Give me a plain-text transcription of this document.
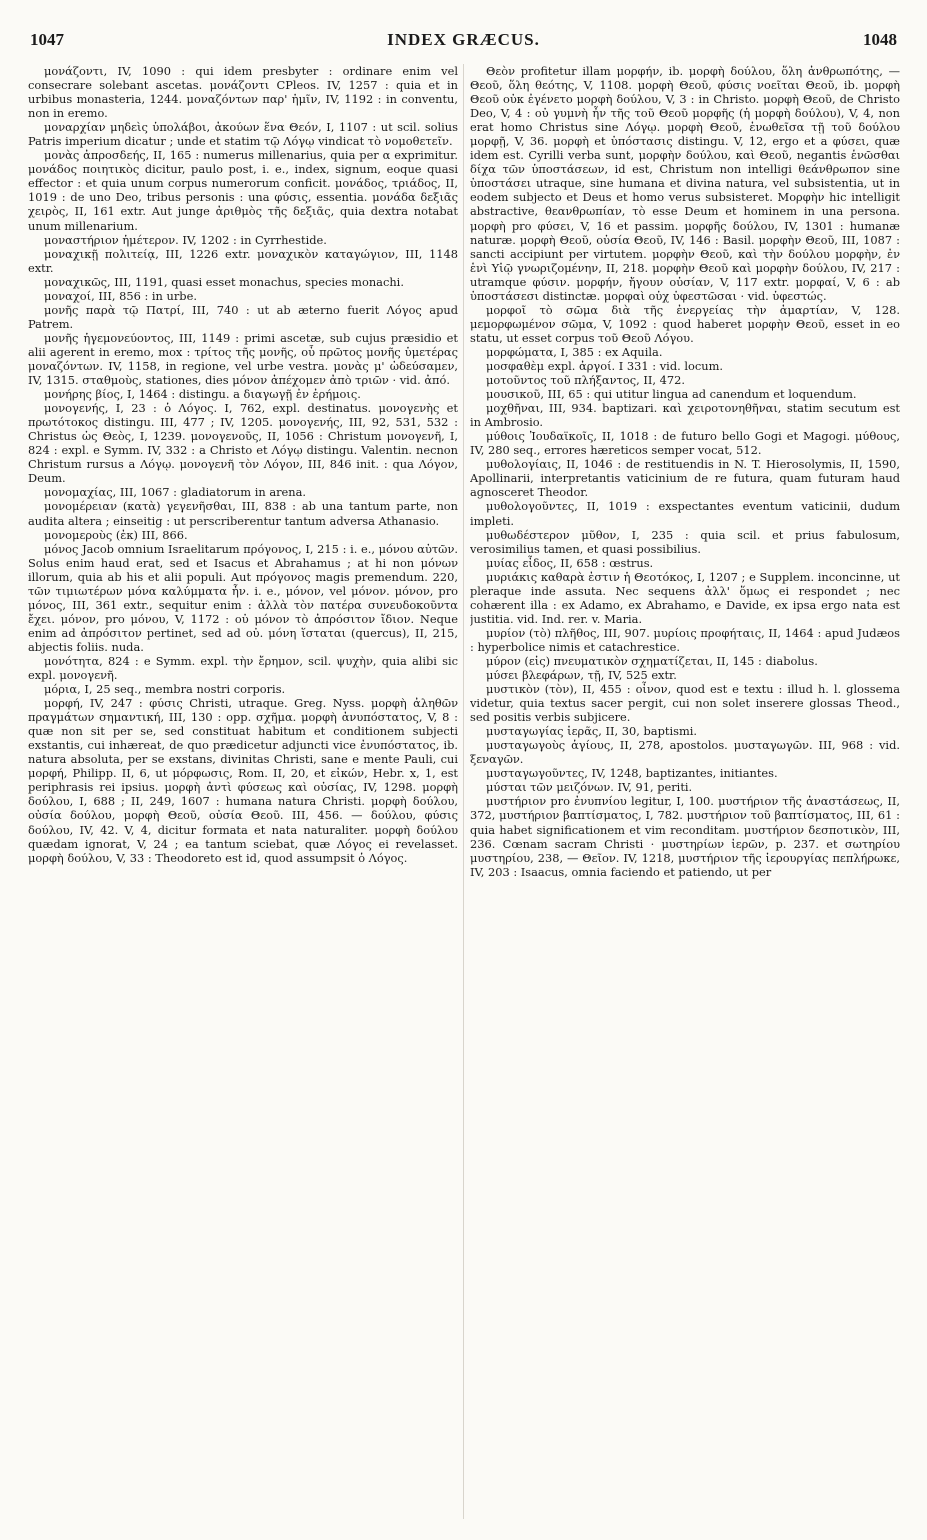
1047	INDEX GRÆCUS.	1048

μονάζοντι, IV, 1090 : qui idem presbyter : ordinare enim vel consecrare solebant ascetas. μονάζοντι CPleos. IV, 1257 : quia et in urbibus monasteria, 1244. μοναζόντων παρ' ἡμῖν, IV, 1192 : in conventu, non in eremo.

μοναρχίαν μηδεὶς ὑπολάβοι, ἀκούων ἕνα Θεόν, I, 1107 : ut scil. solius Patris imperium dicatur ; unde et statim τῷ Λόγῳ vindicat τὸ νομοθετεῖν.

μονὰς ἀπροσδεής, II, 165 : numerus millenarius, quia per α exprimitur. μονάδος ποιητικὸς dicitur, paulo post, i. e., index, signum, eoque quasi effector : et quia unum corpus numerorum conficit. μονάδος, τριάδος, II, 1019 : de uno Deo, tribus personis : una φύσις, essentia. μονάδα δεξιᾶς χειρὸς, II, 161 extr. Aut junge ἀριθμὸς τῆς δεξιᾶς, quia dextra notabat unum millenarium.

μοναστήριον ἡμέτερον. IV, 1202 : in Cyrrhestide.

μοναχικῇ πολιτείᾳ, III, 1226 extr. μοναχικὸν καταγώγιον, III, 1148 extr.

μοναχικῶς, III, 1191, quasi esset monachus, species monachi.

μοναχοί, III, 856 : in urbe.

μονῆς παρὰ τῷ Πατρί, III, 740 : ut ab æterno fuerit Λόγος apud Patrem.

μονῆς ἡγεμονεύοντος, III, 1149 : primi ascetæ, sub cujus præsidio et alii agerent in eremo, mox : τρίτος τῆς μονῆς, οὗ πρῶτος μονῆς ὑμετέρας μοναζόντων. IV, 1158, in regione, vel urbe vestra. μονὰς μ' ὡδεύσαμεν, IV, 1315. σταθμοὺς, stationes, dies μόνον ἀπέχομεν ἀπὸ τριῶν · vid. ἀπό.

μονήρης βίος, I, 1464 : distingu. a διαγωγῇ ἐν ἐρήμοις.

μονογενής, I, 23 : ὁ Λόγος. I, 762, expl. destinatus. μονογενὴς et πρωτότοκος distingu. III, 477 ; IV, 1205. μονογενής, III, 92, 531, 532 : Christus ὡς Θεὸς, I, 1239. μονογενοῦς, II, 1056 : Christum μονογενῆ, I, 824 : expl. e Symm. IV, 332 : a Christo et Λόγῳ distingu. Valentin. necnon Christum rursus a Λόγῳ. μονογενῆ τὸν Λόγον, III, 846 init. : qua Λόγον, Deum.

μονομαχίας, III, 1067 : gladiatorum in arena.

μονομέρειαν (κατὰ) γεγενῆσθαι, III, 838 : ab una tantum parte, non audita altera ; einseitig : ut perscriberentur tantum adversa Athanasio.

μονομεροὺς (ἐκ) III, 866.

μόνος Jacob omnium Israelitarum πρόγονος, I, 215 : i. e., μόνου αὐτῶν. Solus enim haud erat, sed et Isacus et Abrahamus ; at hi non μόνων illorum, quia ab his et alii populi. Aut πρόγονος magis premendum. 220, τῶν τιμιωτέρων μόνα καλύμματα ἦν. i. e., μόνον, vel μόνον. μόνον, pro μόνος, III, 361 extr., sequitur enim : ἀλλὰ τὸν πατέρα συνευδοκοῦντα ἔχει. μόνον, pro μόνου, V, 1172 : οὐ μόνον τὸ ἀπρόσιτον ἴδιον. Neque enim ad ἀπρόσιτον pertinet, sed ad οὐ. μόνη ἵσταται (quercus), II, 215, abjectis foliis. nuda.

μονότητα, 824 : e Symm. expl. τὴν ἔρημον, scil. ψυχὴν, quia alibi sic expl. μονογενῆ.

μόρια, I, 25 seq., membra nostri corporis.

μορφή, IV, 247 : φύσις Christi, utraque. Greg. Nyss. μορφὴ ἀληθῶν πραγμάτων σημαντική, III, 130 : opp. σχῆμα. μορφὴ ἀνυπόστατος, V, 8 : quæ non sit per se, sed constituat habitum et conditionem subjecti exstantis, cui inhæreat, de quo prædicetur adjuncti vice ἐνυπόστατος, ib. natura absoluta, per se exstans, divinitas Christi, sane e mente Pauli, cui μορφή, Philipp. II, 6, ut μόρφωσις, Rom. II, 20, et εἰκών, Hebr. x, 1, est periphrasis rei ipsius. μορφὴ ἀντὶ φύσεως καὶ οὐσίας, IV, 1298. μορφὴ δούλου, I, 688 ; II, 249, 1607 : humana natura Christi. μορφὴ δούλου, οὐσία δούλου, μορφὴ Θεοῦ, οὐσία Θεοῦ. III, 456. — δούλου, φύσις δούλου, IV, 42. V, 4, dicitur formata et nata naturaliter. μορφὴ δούλου quædam ignorat, V, 24 ; ea tantum sciebat, quæ Λόγος ei revelasset. μορφὴ δούλου, V, 33 : Theodoreto est id, quod assumpsit ὁ Λόγος.

Θεὸν profitetur illam μορφήν, ib. μορφὴ δούλου, ὅλη ἀνθρωπότης, — Θεοῦ, ὅλη θεότης, V, 1108. μορφὴ Θεοῦ, φύσις νοεῖται Θεοῦ, ib. μορφὴ Θεοῦ οὐκ ἐγένετο μορφὴ δούλου, V, 3 : in Christo. μορφὴ Θεοῦ, de Christo Deo, V, 4 : οὐ γυμνὴ ἦν τῆς τοῦ Θεοῦ μορφῆς (ἡ μορφὴ δούλου), V, 4, non erat homo Christus sine Λόγῳ. μορφὴ Θεοῦ, ἑνωθεῖσα τῇ τοῦ δούλου μορφῇ, V, 36. μορφὴ et ὑπόστασις distingu. V, 12, ergo et a φύσει, quæ idem est. Cyrilli verba sunt, μορφὴν δούλου, καὶ Θεοῦ, negantis ἑνῶσθαι δίχα τῶν ὑποστάσεων, id est, Christum non intelligi θεάνθρωπον sine ὑποστάσει utraque, sine humana et divina natura, vel subsistentia, ut in eodem subjecto et Deus et homo verus subsisteret. Μορφὴν hic intelligit abstractive, θεανθρωπίαν, τὸ esse Deum et hominem in una persona. μορφὴ pro φύσει, V, 16 et passim. μορφῆς δούλου, IV, 1301 : humanæ naturæ. μορφὴ Θεοῦ, οὐσία Θεοῦ, IV, 146 : Basil. μορφὴν Θεοῦ, III, 1087 : sancti accipiunt per virtutem. μορφὴν Θεοῦ, καὶ τὴν δούλου μορφὴν, ἐν ἑνὶ Υἱῷ γνωριζομένην, II, 218. μορφὴν Θεοῦ καὶ μορφὴν δούλου, IV, 217 : utramque φύσιν. μορφήν, ἤγουν οὐσίαν, V, 117 extr. μορφαί, V, 6 : ab ὑποστάσεσι distinctæ. μορφαὶ οὐχ ὑφεστῶσαι · vid. ὑφεστώς.

μορφοῖ τὸ σῶμα διὰ τῆς ἐνεργείας τὴν ἁμαρτίαν, V, 128. μεμορφωμένον σῶμα, V, 1092 : quod haberet μορφὴν Θεοῦ, esset in eo statu, ut esset corpus τοῦ Θεοῦ Λόγου.

μορφώματα, I, 385 : ex Aquila.

μοσφαθὲμ expl. ἀργοί. I 331 : vid. locum.

μοτοῦντος τοῦ πλήξαντος, II, 472.

μουσικοῦ, III, 65 : qui utitur lingua ad canendum et loquendum.

μοχθῆναι, III, 934. baptizari. καὶ χειροτονηθῆναι, statim secutum est in Ambrosio.

μύθοις Ἰουδαϊκοῖς, II, 1018 : de futuro bello Gogi et Magogi. μύθους, IV, 280 seq., errores hæreticos semper vocat, 512.

μυθολογίαις, II, 1046 : de restituendis in N. T. Hierosolymis, II, 1590, Apollinarii, interpretantis vaticinium de re futura, quam futuram haud agnosceret Theodor.

μυθολογοῦντες, II, 1019 : exspectantes eventum vaticinii, dudum impleti.

μυθωδέστερον μῦθον, I, 235 : quia scil. et prius fabulosum, verosimilius tamen, et quasi possibilius.

μυίας εἶδος, II, 658 : œstrus.

μυριάκις καθαρὰ ἐστιν ἡ Θεοτόκος, I, 1207 ; e Supplem. inconcinne, ut pleraque inde assuta. Nec sequens ἀλλ' ὅμως ei respondet ; nec cohærent illa : ex Adamo, ex Abrahamo, e Davide, ex ipsa ergo nata est justitia. vid. Ind. rer. v. Maria.

μυρίον (τὸ) πλῆθος, III, 907. μυρίοις προφήταις, II, 1464 : apud Judæos : hyperbolice nimis et catachrestice.

μύρον (εἰς) πνευματικὸν σχηματίζεται, II, 145 : diabolus.

μύσει βλεφάρων, τῇ, IV, 525 extr.

μυστικὸν (τὸν), II, 455 : οἶνον, quod est e textu : illud h. l. glossema videtur, quia textus sacer pergit, cui non solet inserere glossas Theod., sed positis verbis subjicere.

μυσταγωγίας ἱερᾶς, II, 30, baptismi.

μυσταγωγοὺς ἁγίους, II, 278, apostolos. μυσταγωγῶν. III, 968 : vid. ξεναγῶν.

μυσταγωγοῦντες, IV, 1248, baptizantes, initiantes.

μύσται τῶν μειζόνων. IV, 91, periti.

μυστήριον pro ἐνυπνίου legitur, I, 100. μυστήριον τῆς ἀναστάσεως, II, 372, μυστήριον βαπτίσματος, I, 782. μυστήριον τοῦ βαπτίσματος, III, 61 : quia habet significationem et vim reconditam. μυστήριον δεσποτικὸν, III, 236. Cœnam sacram Christi · μυστηρίων ἱερῶν, p. 237. et σωτηρίου μυστηρίου, 238, — Θεῖον. IV, 1218, μυστήριον τῆς ἱερουργίας πεπλήρωκε, IV, 203 : Isaacus, omnia faciendo et patiendo, ut per
